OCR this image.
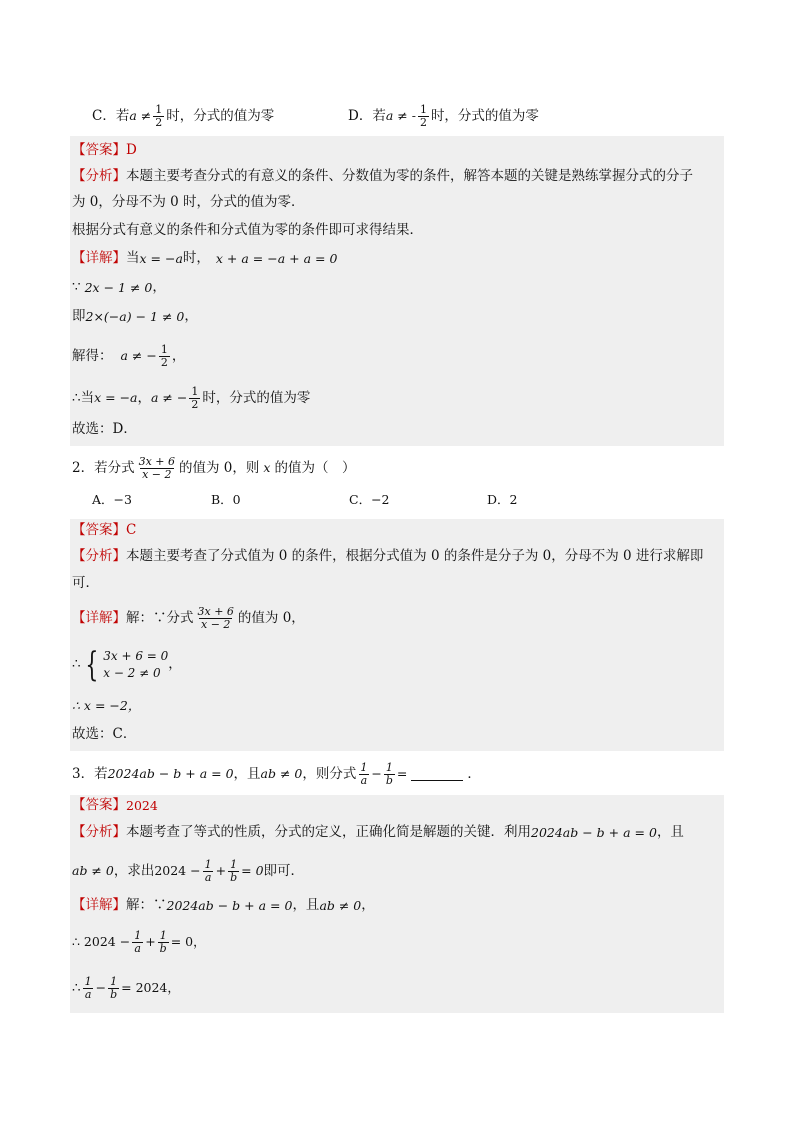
C．若 $a \ne \frac{1}{2}$ 时，分式的值为零	D．若 a ≠ - $\frac{1}{2}$ 时，分式的值为零
【答案】 D
【分析】 本题主要考查分式的有意义的条件、分数值为零的条件，解答本题的关键是熟练掌握分式的分子
为 0，分母不为 0 时，分式的值为零．
根据分式有意义的条件和分式值为零的条件即可求得结果．
【详解】 当 x = −a 时， x + a = −a + a = 0
∵ 2x − 1 ≠ 0 ，
即 2×(−a) − 1 ≠ 0 ，
解得： a ≠ − $\frac{1}{2}$ ，
∴ 当 x = −a ， a ≠ − $\frac{1}{2}$ 时，分式的值为零
故选：D．
2．若分式 $\frac{3x + 6}{x - 2}$ 的值为 0，则 x 的值为（　）
A．−3	B．0	C．−2	D．2
【答案】 C
【分析】 本题主要考查了分式值为 0 的条件，根据分式值为 0 的条件是分子为 0，分母不为 0 进行求解即
可．
【详解】 解：∵分式 $\frac{3x + 6}{x - 2}$ 的值为 0，
∴ { 3x + 6 = 0
x − 2 ≠ 0
，
∴ x = −2，
故选：C．
3．若 2024ab − b + a = 0 ，且 ab ≠ 0 ，则分式 $\frac{1}{a} - \frac{1}{b}$ =	．
【答案】 2024
【分析】 本题考查了等式的性质，分式的定义，正确化简是解题的关键．利用 2024ab − b + a = 0 ，且
ab ≠ 0 ，求出 $2024 - \frac{1}{a} + \frac{1}{b} = 0$ 即可．
【详解】 解：∵ 2024ab − b + a = 0 ，且 ab ≠ 0 ，
∴ $2024 - \frac{1}{a} + \frac{1}{b} = 0$，
∴ $\frac{1}{a} - \frac{1}{b} = 2024$，
